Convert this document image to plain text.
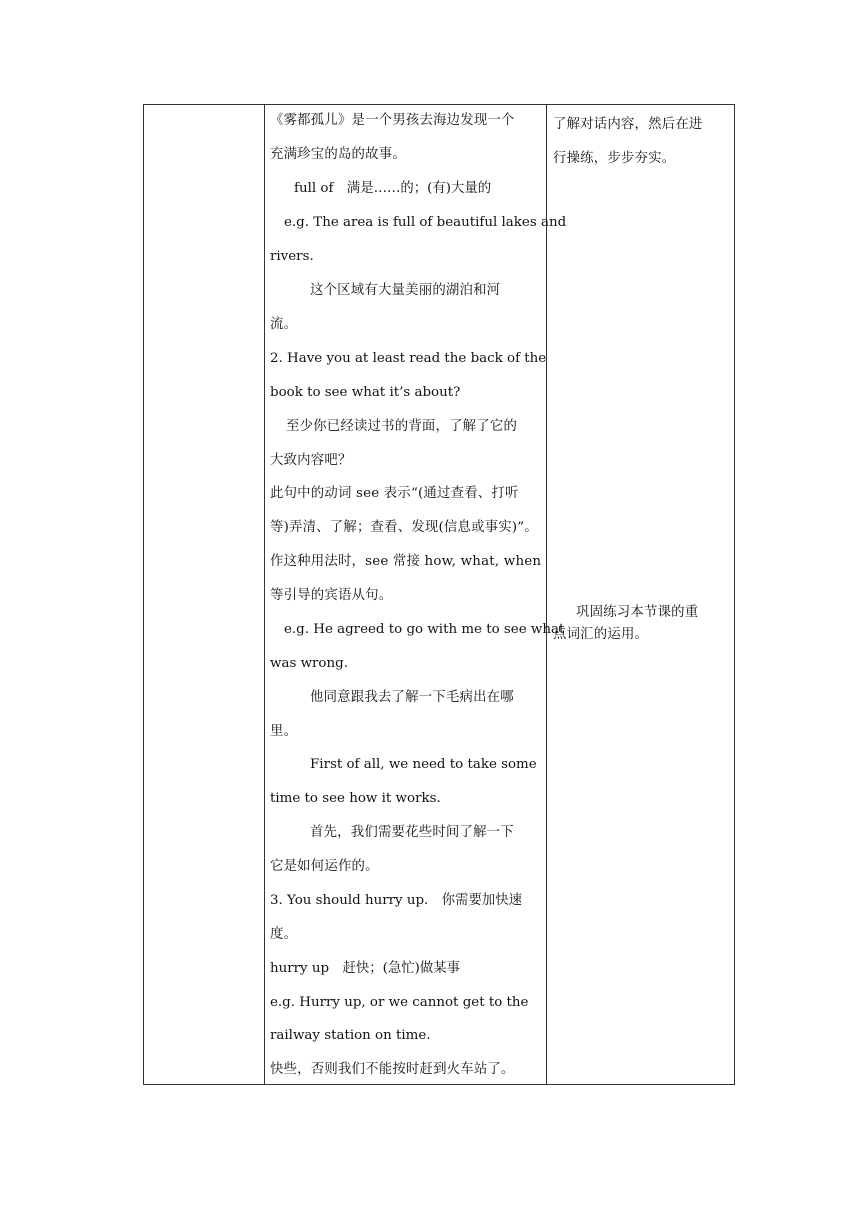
《雾都孤儿》是一个男孩去海边发现一个
充满珍宝的岛的故事。
full of　满是……的；(有)大量的
e.g. The area is full of beautiful lakes and
rivers.
这个区域有大量美丽的湖泊和河
流。
2. Have you at least read the back of the
book to see what it’s about?
至少你已经读过书的背面，了解了它的
大致内容吧？
此句中的动词 see 表示“(通过查看、打听
等)弄清、了解；查看、发现(信息或事实)”。
作这种用法时，see 常接 how, what, when
等引导的宾语从句。
e.g. He agreed to go with me to see what
was wrong.
他同意跟我去了解一下毛病出在哪
里。
First of all, we need to take some
time to see how it works.
首先，我们需要花些时间了解一下
它是如何运作的。
3. You should hurry up.　你需要加快速
度。
hurry up　赶快；(急忙)做某事
e.g. Hurry up, or we cannot get to the
railway station on time.
快些，否则我们不能按时赶到火车站了。
了解对话内容，然后在进
行操练，步步夯实。
巩固练习本节课的重
点词汇的运用。
